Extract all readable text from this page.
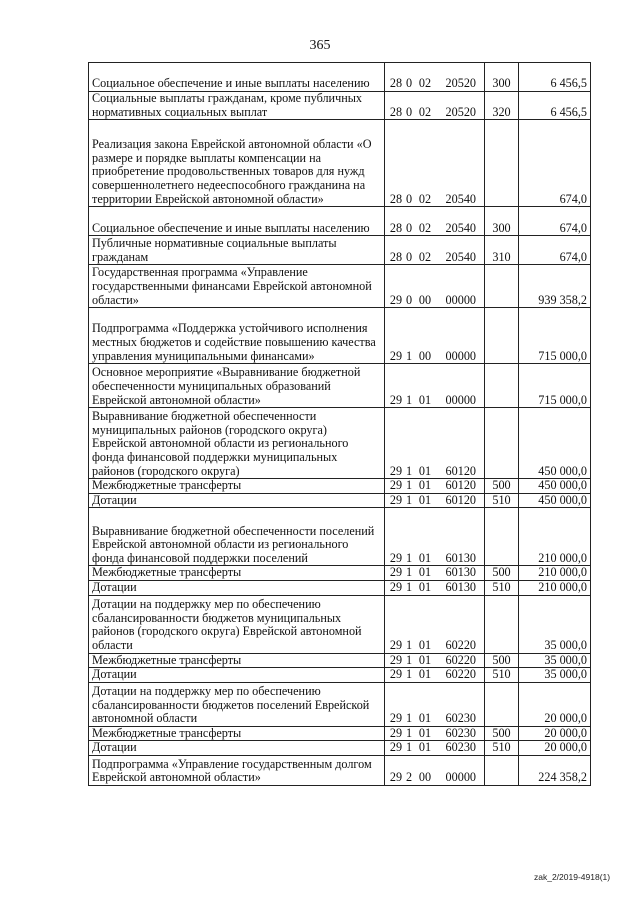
365
Социальное обеспечение и иные выплаты населению	28 0 02 20520	300	6 456,5
Социальные выплаты гражданам, кроме публичных нормативных социальных выплат	28 0 02 20520	320	6 456,5
Реализация закона Еврейской автономной области «О размере и порядке выплаты компенсации на приобретение продовольственных товаров для нужд совершеннолетнего недееспособного гражданина на территории Еврейской автономной области»	28 0 02 20540		674,0
Социальное обеспечение и иные выплаты населению	28 0 02 20540	300	674,0
Публичные нормативные социальные выплаты гражданам	28 0 02 20540	310	674,0
Государственная программа «Управление государственными финансами Еврейской автономной области»	29 0 00 00000		939 358,2
Подпрограмма «Поддержка устойчивого исполнения местных бюджетов и содействие повышению качества управления муниципальными финансами»	29 1 00 00000		715 000,0
Основное мероприятие «Выравнивание бюджетной обеспеченности муниципальных образований Еврейской автономной области»	29 1 01 00000		715 000,0
Выравнивание бюджетной обеспеченности муниципальных районов (городского округа) Еврейской автономной области из регионального фонда финансовой поддержки муниципальных районов (городского округа)	29 1 01 60120		450 000,0
Межбюджетные трансферты	29 1 01 60120	500	450 000,0
Дотации	29 1 01 60120	510	450 000,0
Выравнивание бюджетной обеспеченности поселений Еврейской автономной области из регионального фонда финансовой поддержки поселений	29 1 01 60130		210 000,0
Межбюджетные трансферты	29 1 01 60130	500	210 000,0
Дотации	29 1 01 60130	510	210 000,0
Дотации на поддержку мер по обеспечению сбалансированности бюджетов муниципальных районов (городского округа) Еврейской автономной области	29 1 01 60220		35 000,0
Межбюджетные трансферты	29 1 01 60220	500	35 000,0
Дотации	29 1 01 60220	510	35 000,0
Дотации на поддержку мер по обеспечению сбалансированности бюджетов поселений Еврейской автономной области	29 1 01 60230		20 000,0
Межбюджетные трансферты	29 1 01 60230	500	20 000,0
Дотации	29 1 01 60230	510	20 000,0
Подпрограмма «Управление государственным долгом Еврейской автономной области»	29 2 00 00000		224 358,2
zak_2/2019-4918(1)
